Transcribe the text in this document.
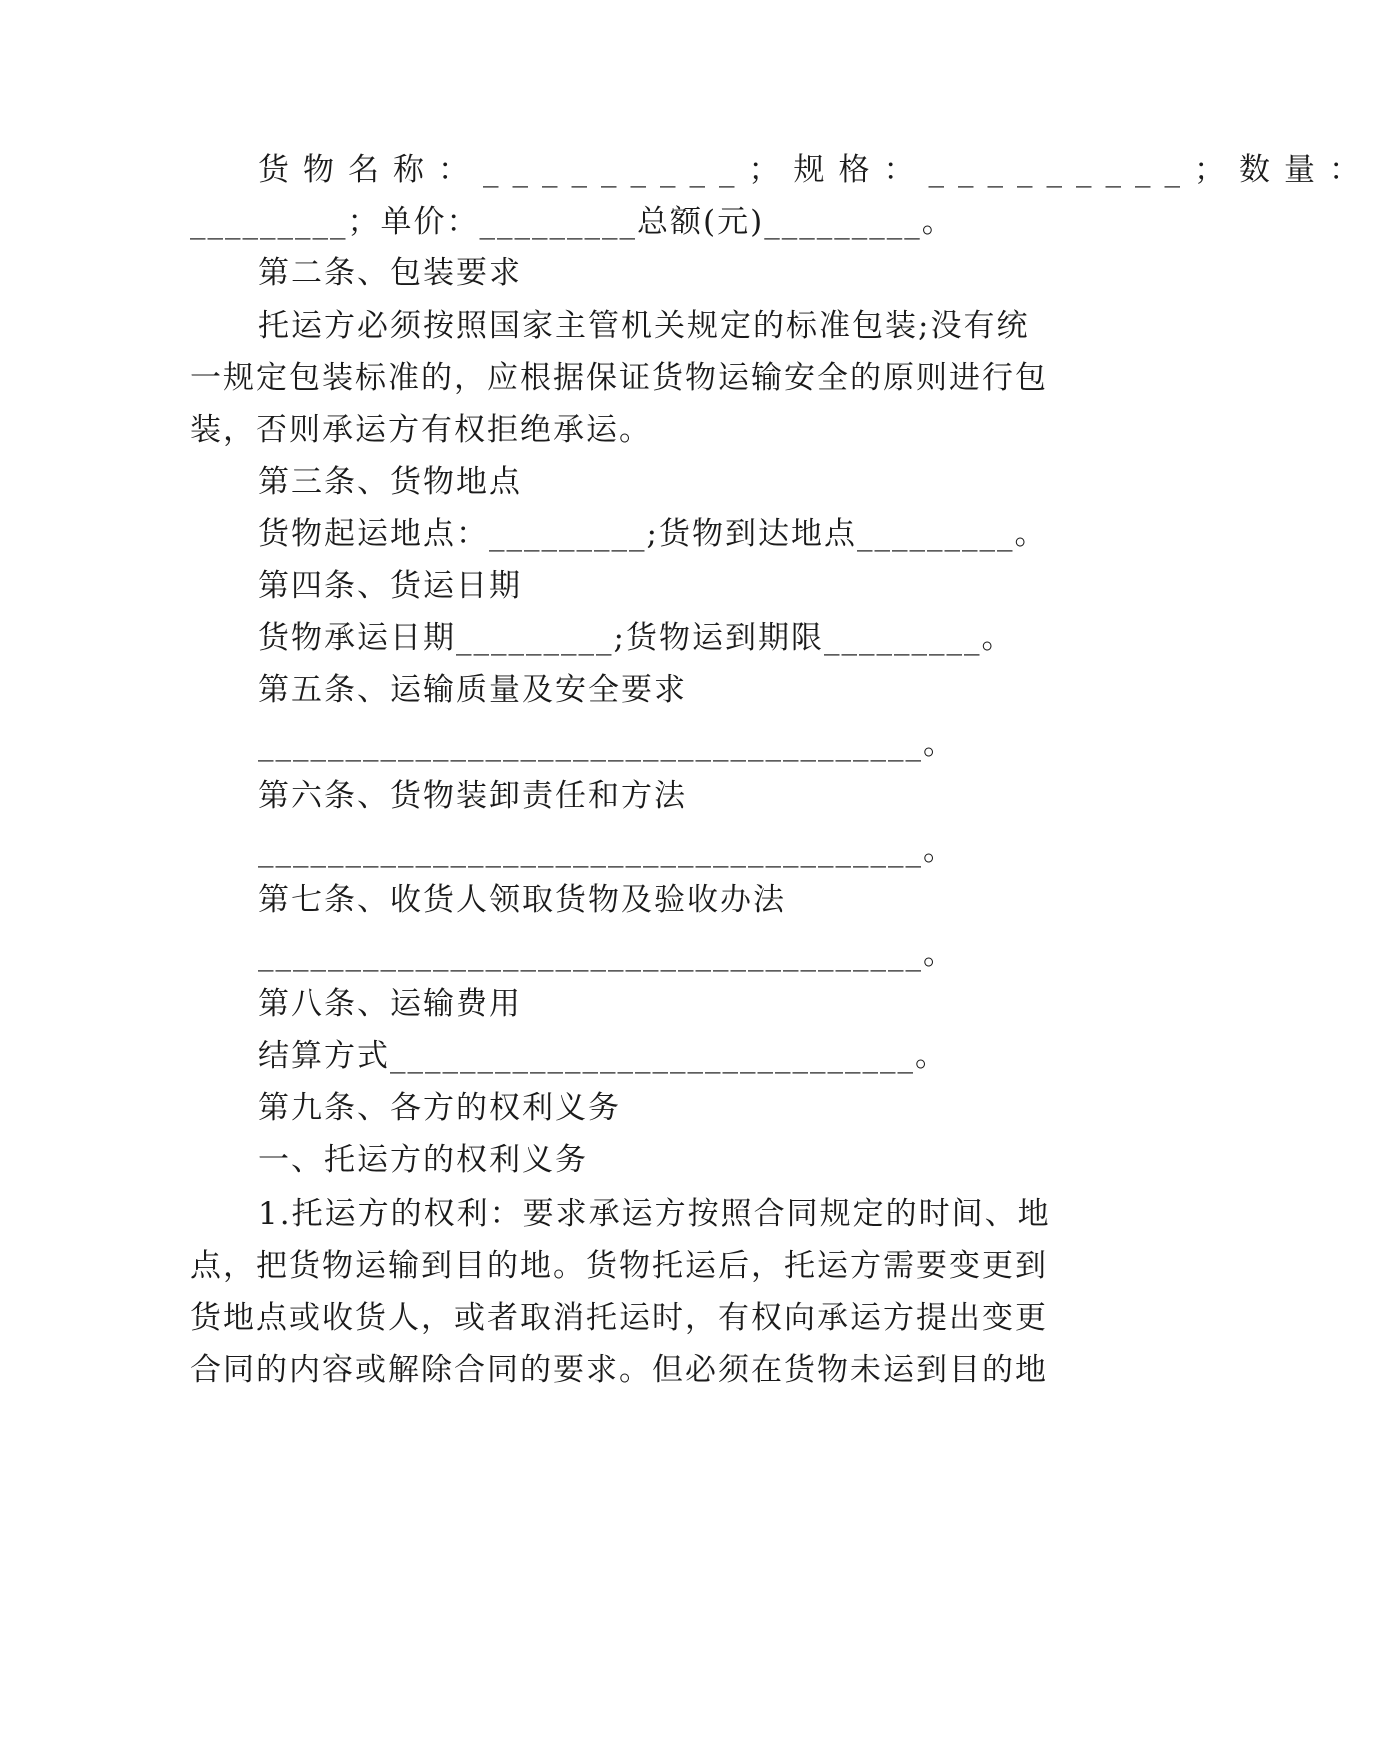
货物名称：_________；规格：_________；数量：
_________；单价：_________总额(元)_________。
第二条、包装要求
托运方必须按照国家主管机关规定的标准包装;没有统
一规定包装标准的，应根据保证货物运输安全的原则进行包
装，否则承运方有权拒绝承运。
第三条、货物地点
货物起运地点：_________;货物到达地点_________。
第四条、货运日期
货物承运日期_________;货物运到期限_________。
第五条、运输质量及安全要求
______________________________________。
第六条、货物装卸责任和方法
______________________________________。
第七条、收货人领取货物及验收办法
______________________________________。
第八条、运输费用
结算方式______________________________。
第九条、各方的权利义务
一、托运方的权利义务
1.托运方的权利：要求承运方按照合同规定的时间、地
点，把货物运输到目的地。货物托运后，托运方需要变更到
货地点或收货人，或者取消托运时，有权向承运方提出变更
合同的内容或解除合同的要求。但必须在货物未运到目的地
